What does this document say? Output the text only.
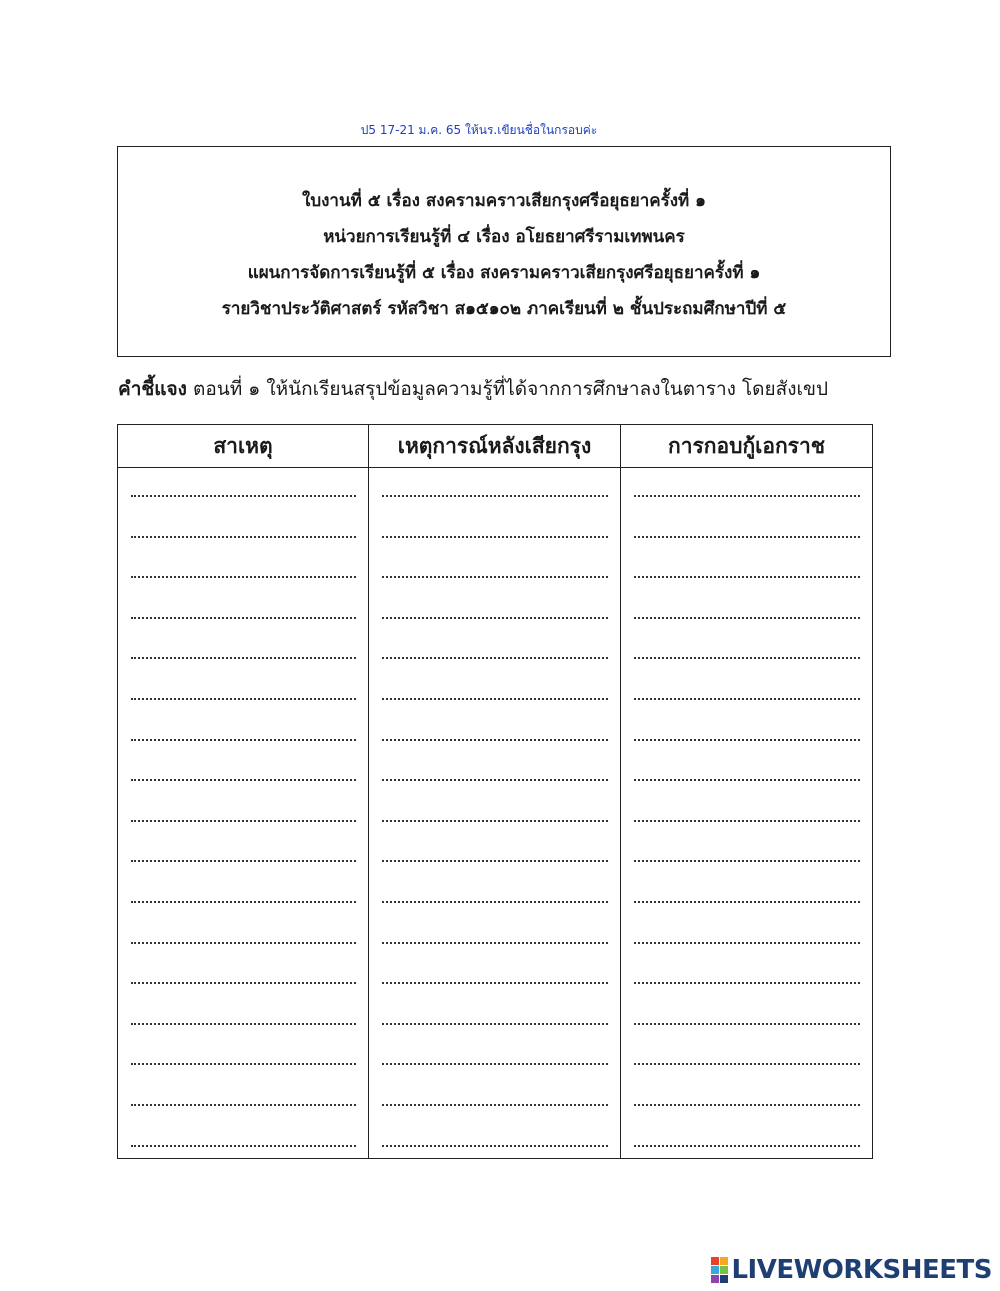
ป5 17-21 ม.ค. 65 ให้นร.เขียนชื่อในกรอบค่ะ
ใบงานที่ ๕ เรื่อง สงครามคราวเสียกรุงศรีอยุธยาครั้งที่ ๑
หน่วยการเรียนรู้ที่ ๔ เรื่อง อโยธยาศรีรามเทพนคร
แผนการจัดการเรียนรู้ที่ ๕ เรื่อง สงครามคราวเสียกรุงศรีอยุธยาครั้งที่ ๑
รายวิชาประวัติศาสตร์ รหัสวิชา ส๑๕๑๐๒ ภาคเรียนที่ ๒ ชั้นประถมศึกษาปีที่ ๕
คำชี้แจง ตอนที่ ๑ ให้นักเรียนสรุปข้อมูลความรู้ที่ได้จากการศึกษาลงในตาราง โดยสังเขป
สาเหตุ	เหตุการณ์หลังเสียกรุง	การกอบกู้เอกราช

LIVEWORKSHEETS
